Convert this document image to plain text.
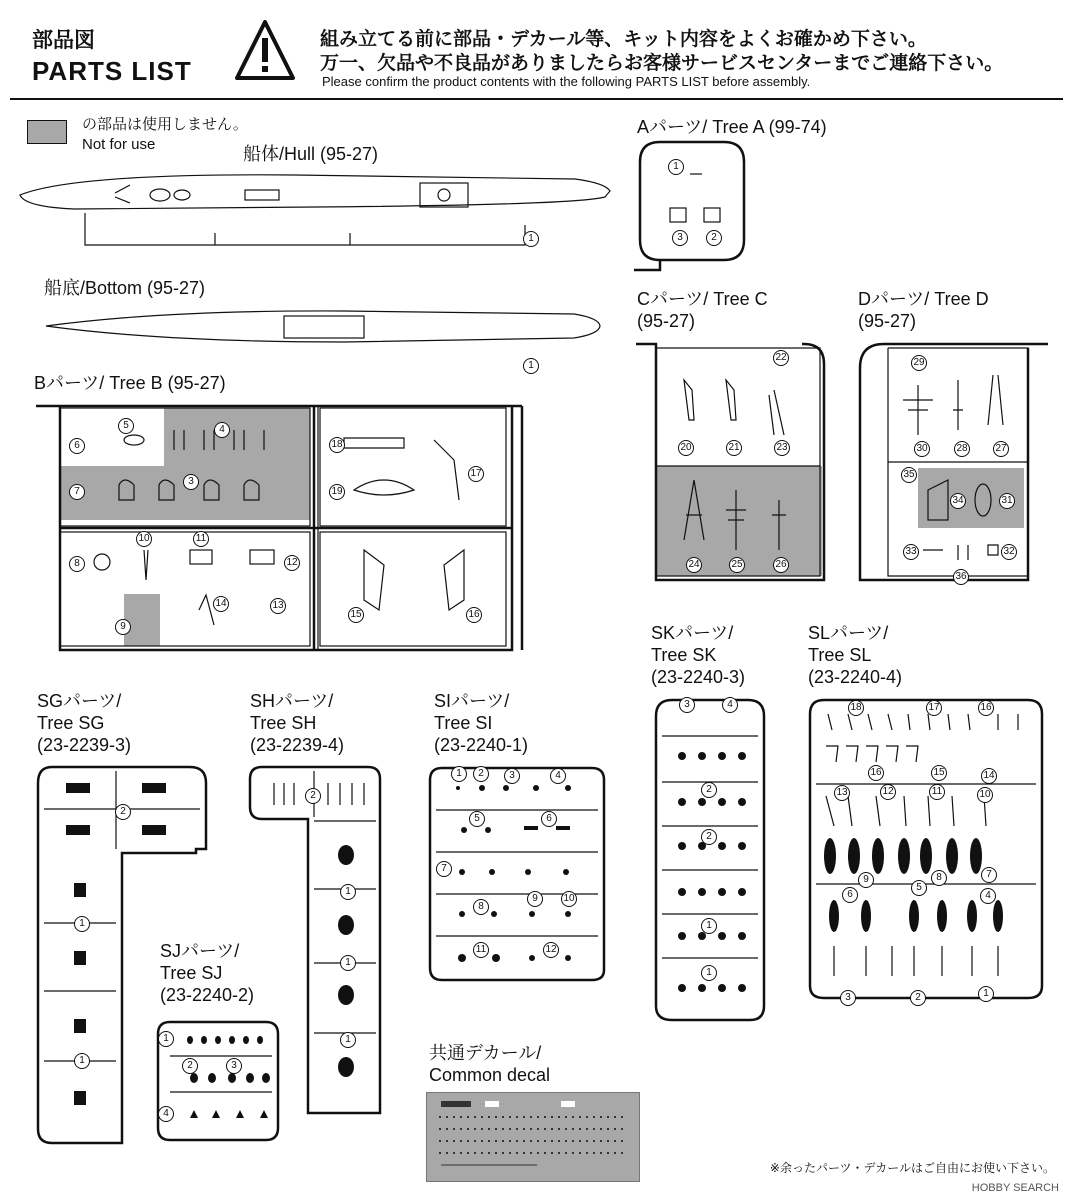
部品図
PARTS LIST
組み立てる前に部品・デカール等、キット内容をよくお確かめ下さい。
万一、欠品や不良品がありましたらお客様サービスセンターまでご連絡下さい。
Please confirm the product contents with the following PARTS LIST before assembly.
の部品は使用しません。
Not for use	船体/Hull (95-27)
1
船底/Bottom (95-27)
1
Aパーツ/ Tree A (99-74)
1
2
3
Bパーツ/ Tree B (95-27)
5
6
4
7
3
18
19
17
8
10	11
12
9
14	13
15	16
Cパーツ/ Tree C
(95-27)
22
20	21	23
24	25	26
Dパーツ/ Tree D
(95-27)
29
30	28	27
35
34	31
33	32
36
SKパーツ/
Tree SK
(23-2240-3)
3	4
2
2
1
1
SLパーツ/
Tree SL
(23-2240-4)
18	17	16
16	15	14
13	12	11	10
9	8	7
6
5
4
3	2	1
SGパーツ/
Tree SG
(23-2239-3)
2
1
1
SHパーツ/
Tree SH
(23-2239-4)
2
1
1
1
SIパーツ/
Tree SI
(23-2240-1)
1	2	3	4
5	6
7
8
9	10
11	12
SJパーツ/
Tree SJ
(23-2240-2)
1
2	3
4
共通デカール/
Common decal
※余ったパーツ・デカールはご自由にお使い下さい。
HOBBY SEARCH
